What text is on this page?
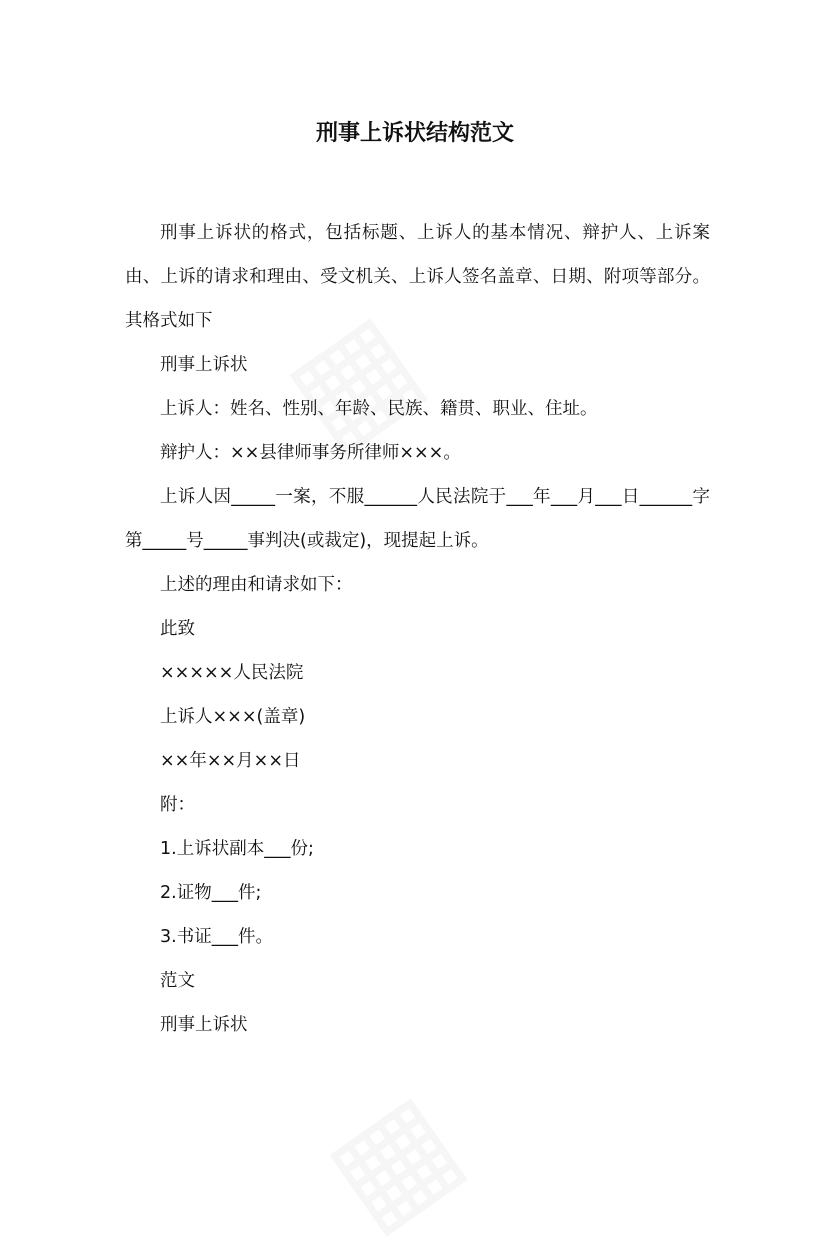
刑事上诉状结构范文

刑事上诉状的格式，包括标题、上诉人的基本情况、辩护人、上诉案由、上诉的请求和理由、受文机关、上诉人签名盖章、日期、附项等部分。其格式如下

刑事上诉状

上诉人：姓名、性别、年龄、民族、籍贯、职业、住址。

辩护人：××县律师事务所律师×××。

上诉人因_____一案，不服______人民法院于___年___月___日______字第_____号_____事判决(或裁定)，现提起上诉。

上述的理由和请求如下：

此致

×××××人民法院

上诉人×××(盖章)

××年××月××日

附：

1.上诉状副本___份;

2.证物___件;

3.书证___件。

范文

刑事上诉状
